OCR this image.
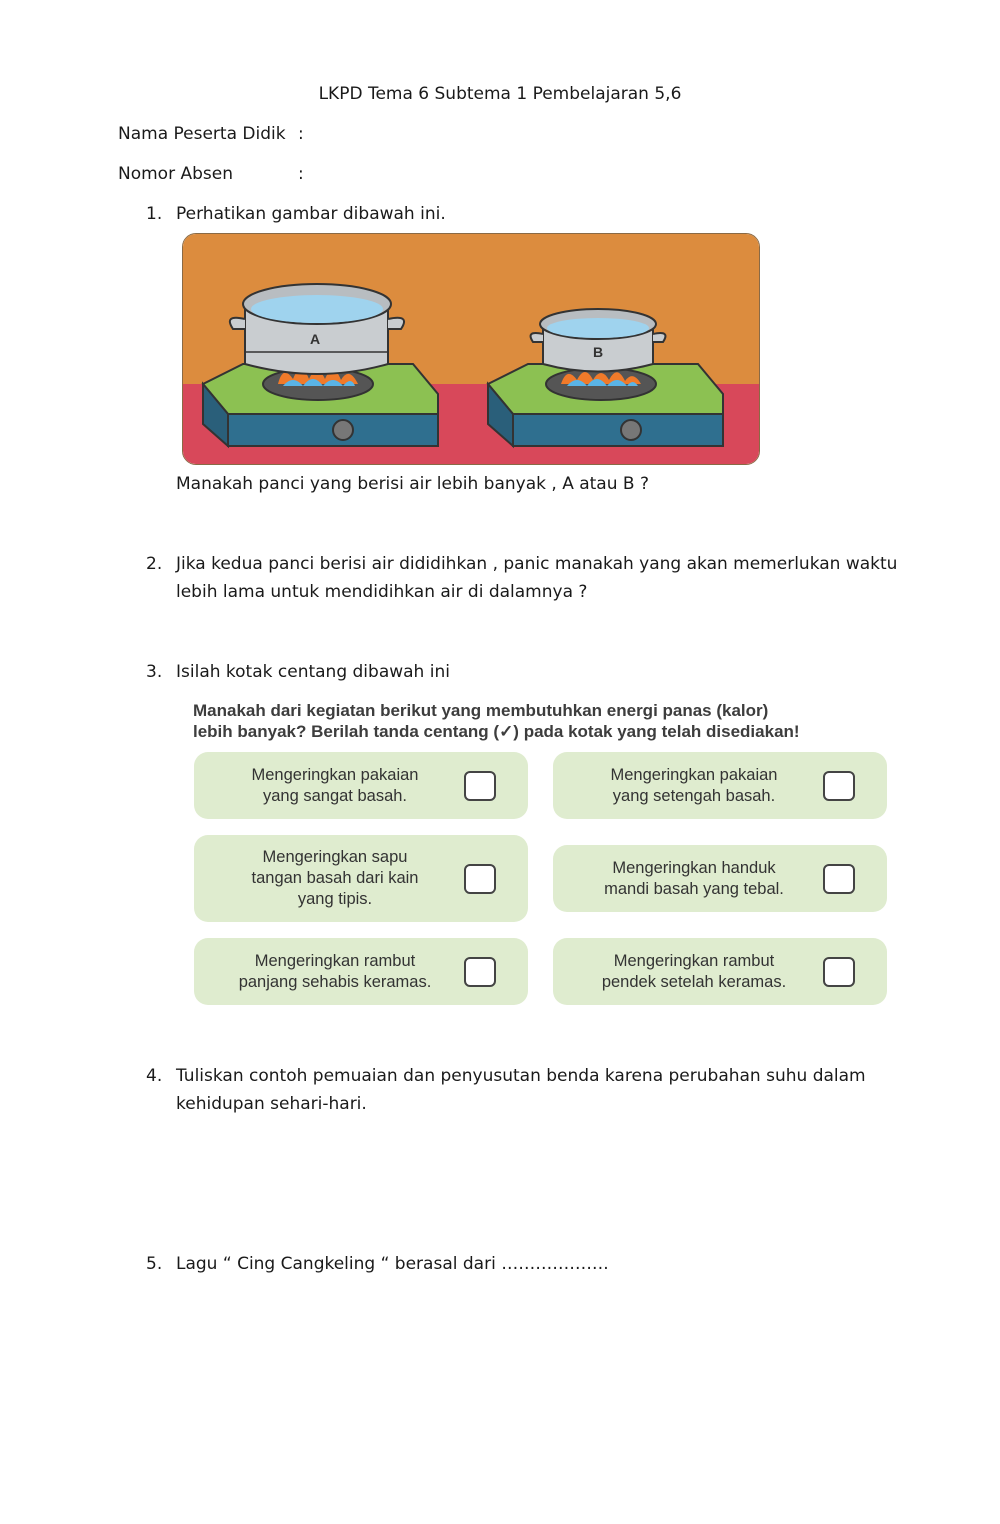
LKPD Tema 6 Subtema 1 Pembelajaran 5,6
Nama Peserta Didik :
Nomor Absen	:
1. Perhatikan gambar dibawah ini.
A
B
Manakah panci yang berisi air lebih banyak , A atau B ?
2. Jika kedua panci berisi air dididihkan , panic manakah yang akan memerlukan waktu
lebih lama untuk mendidihkan air di dalamnya ?
3. Isilah kotak centang dibawah ini
Manakah dari kegiatan berikut yang membutuhkan energi panas (kalor)
lebih banyak? Berilah tanda centang (✓) pada kotak yang telah disediakan!
Mengeringkan pakaian
yang sangat basah.
Mengeringkan pakaian
yang setengah basah.
Mengeringkan sapu
tangan basah dari kain
yang tipis.
Mengeringkan handuk
mandi basah yang tebal.
Mengeringkan rambut
panjang sehabis keramas.
Mengeringkan rambut
pendek setelah keramas.
4. Tuliskan contoh pemuaian dan penyusutan benda karena perubahan suhu dalam
kehidupan sehari-hari.
5. Lagu “ Cing Cangkeling “ berasal dari ……………….
